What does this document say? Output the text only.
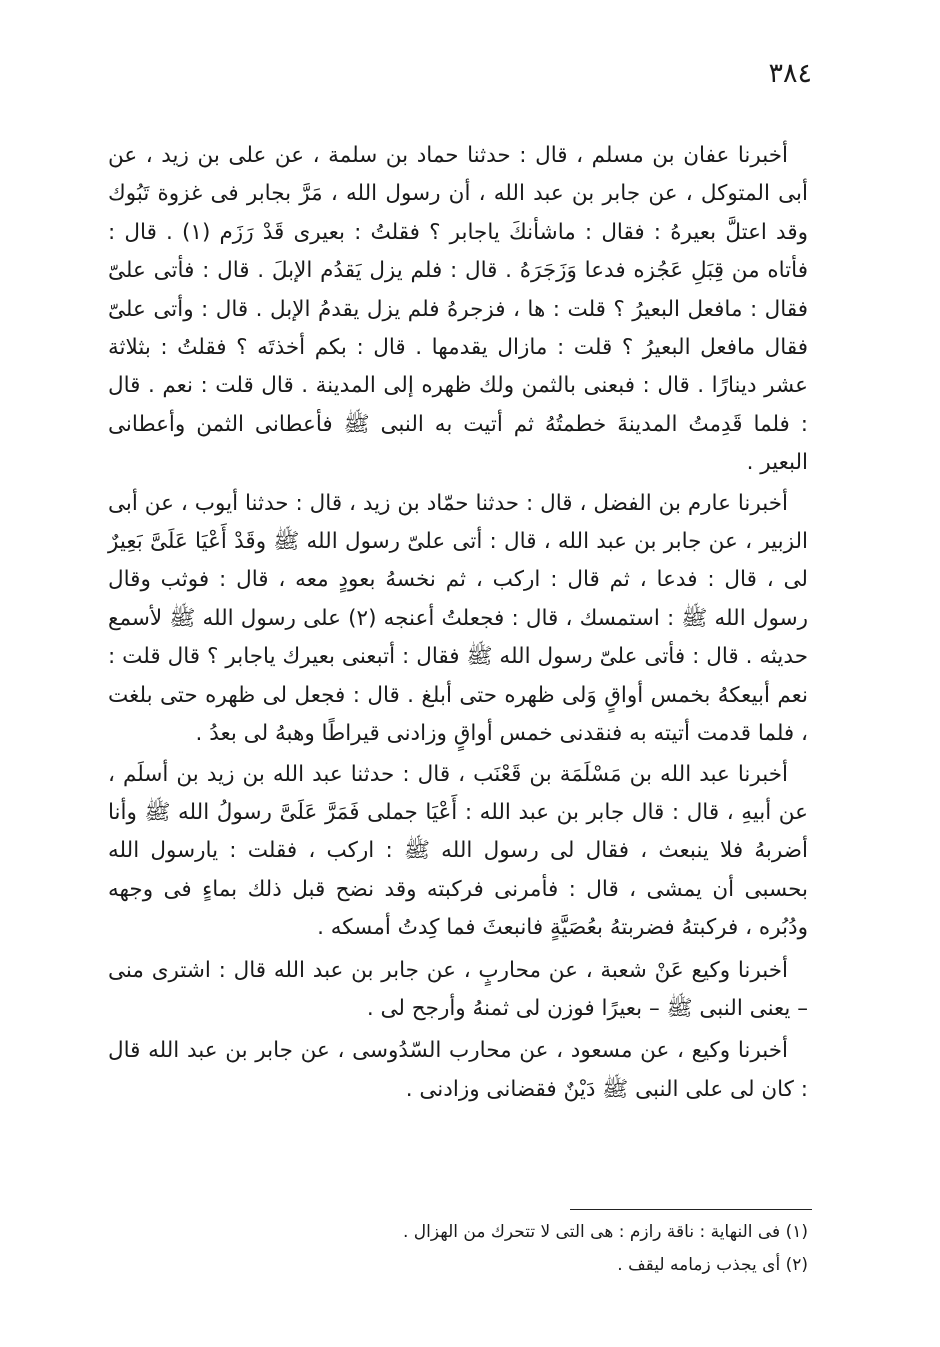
٣٨٤

أخبرنا عفان بن مسلم ، قال : حدثنا حماد بن سلمة ، عن على بن زيد ، عن أبى المتوكل ، عن جابر بن عبد الله ، أن رسول الله ، مَرَّ بجابر فى غزوة تَبُوك وقد اعتلَّ بعيرهُ : فقال : ماشأنكَ ياجابر ؟ فقلتُ : بعيرى قَدْ رَزَم (١) . قال : فأتاه من قِبَلِ عَجُزه فدعا وَزَجَرَهُ . قال : فلم يزل يَقدُم الإبلَ . قال : فأتى علىّ فقال : مافعل البعيرُ ؟ قلت : ها ، فزجرهُ فلم يزل يقدمُ الإبل . قال : وأتى علىّ فقال مافعل البعيرُ ؟ قلت : مازال يقدمها . قال : بكم أخذتَه ؟ فقلتُ : بثلاثة عشر دينارًا . قال : فبعنى بالثمن ولك ظهره إلى المدينة . قال قلت : نعم . قال : فلما قَدِمتُ المدينةَ خطمتُهُ ثم أتيت به النبى ﷺ فأعطانى الثمن وأعطانى البعير .

أخبرنا عارم بن الفضل ، قال : حدثنا حمّاد بن زيد ، قال : حدثنا أيوب ، عن أبى الزبير ، عن جابر بن عبد الله ، قال : أتى علىّ رسول الله ﷺ وقَدْ أَعْيَا عَلَىَّ بَعِيرٌ لى ، قال : فدعا ، ثم قال : اركب ، ثم نخسهُ بعودٍ معه ، قال : فوثب وقال رسول الله ﷺ : استمسك ، قال : فجعلتُ أعنجه (٢) على رسول الله ﷺ لأسمع حديثه . قال : فأتى علىّ رسول الله ﷺ فقال : أتبعنى بعيرك ياجابر ؟ قال قلت : نعم أبيعكهُ بخمس أواقٍ وَلى ظهره حتى أبلغ . قال : فجعل لى ظهره حتى بلغت ، فلما قدمت أتيته به فنقدنى خمس أواقٍ وزادنى قيراطًا وهبهُ لى بعدُ .

أخبرنا عبد الله بن مَسْلَمَة بن قَعْنَب ، قال : حدثنا عبد الله بن زيد بن أسلَم ، عن أبيهِ ، قال : قال جابر بن عبد الله : أَعْيَا جملى فَمَرَّ عَلَىَّ رسولُ الله ﷺ وأنا أضربهُ فلا ينبعث ، فقال لى رسول الله ﷺ : اركب ، فقلت : يارسول الله بحسبى أن يمشى ، قال : فأمرنى فركبته وقد نضح قبل ذلك بماءٍ فى وجهه ودُبُره ، فركبتهُ فضربتهُ بعُصَيَّةٍ فانبعثَ فما كِدتُ أمسكه .

أخبرنا وكيع عَنْ شعبة ، عن محاربٍ ، عن جابر بن عبد الله قال : اشترى منى – يعنى النبى ﷺ – بعيرًا فوزن لى ثمنهُ وأرجح لى .

أخبرنا وكيع ، عن مسعود ، عن محارب السّدُوسى ، عن جابر بن عبد الله قال : كان لى على النبى ﷺ دَيْنٌ فقضانى وزادنى .

(١) فى النهاية : ناقة رازم : هى التى لا تتحرك من الهزال .

(٢) أى يجذب زمامه ليقف .
